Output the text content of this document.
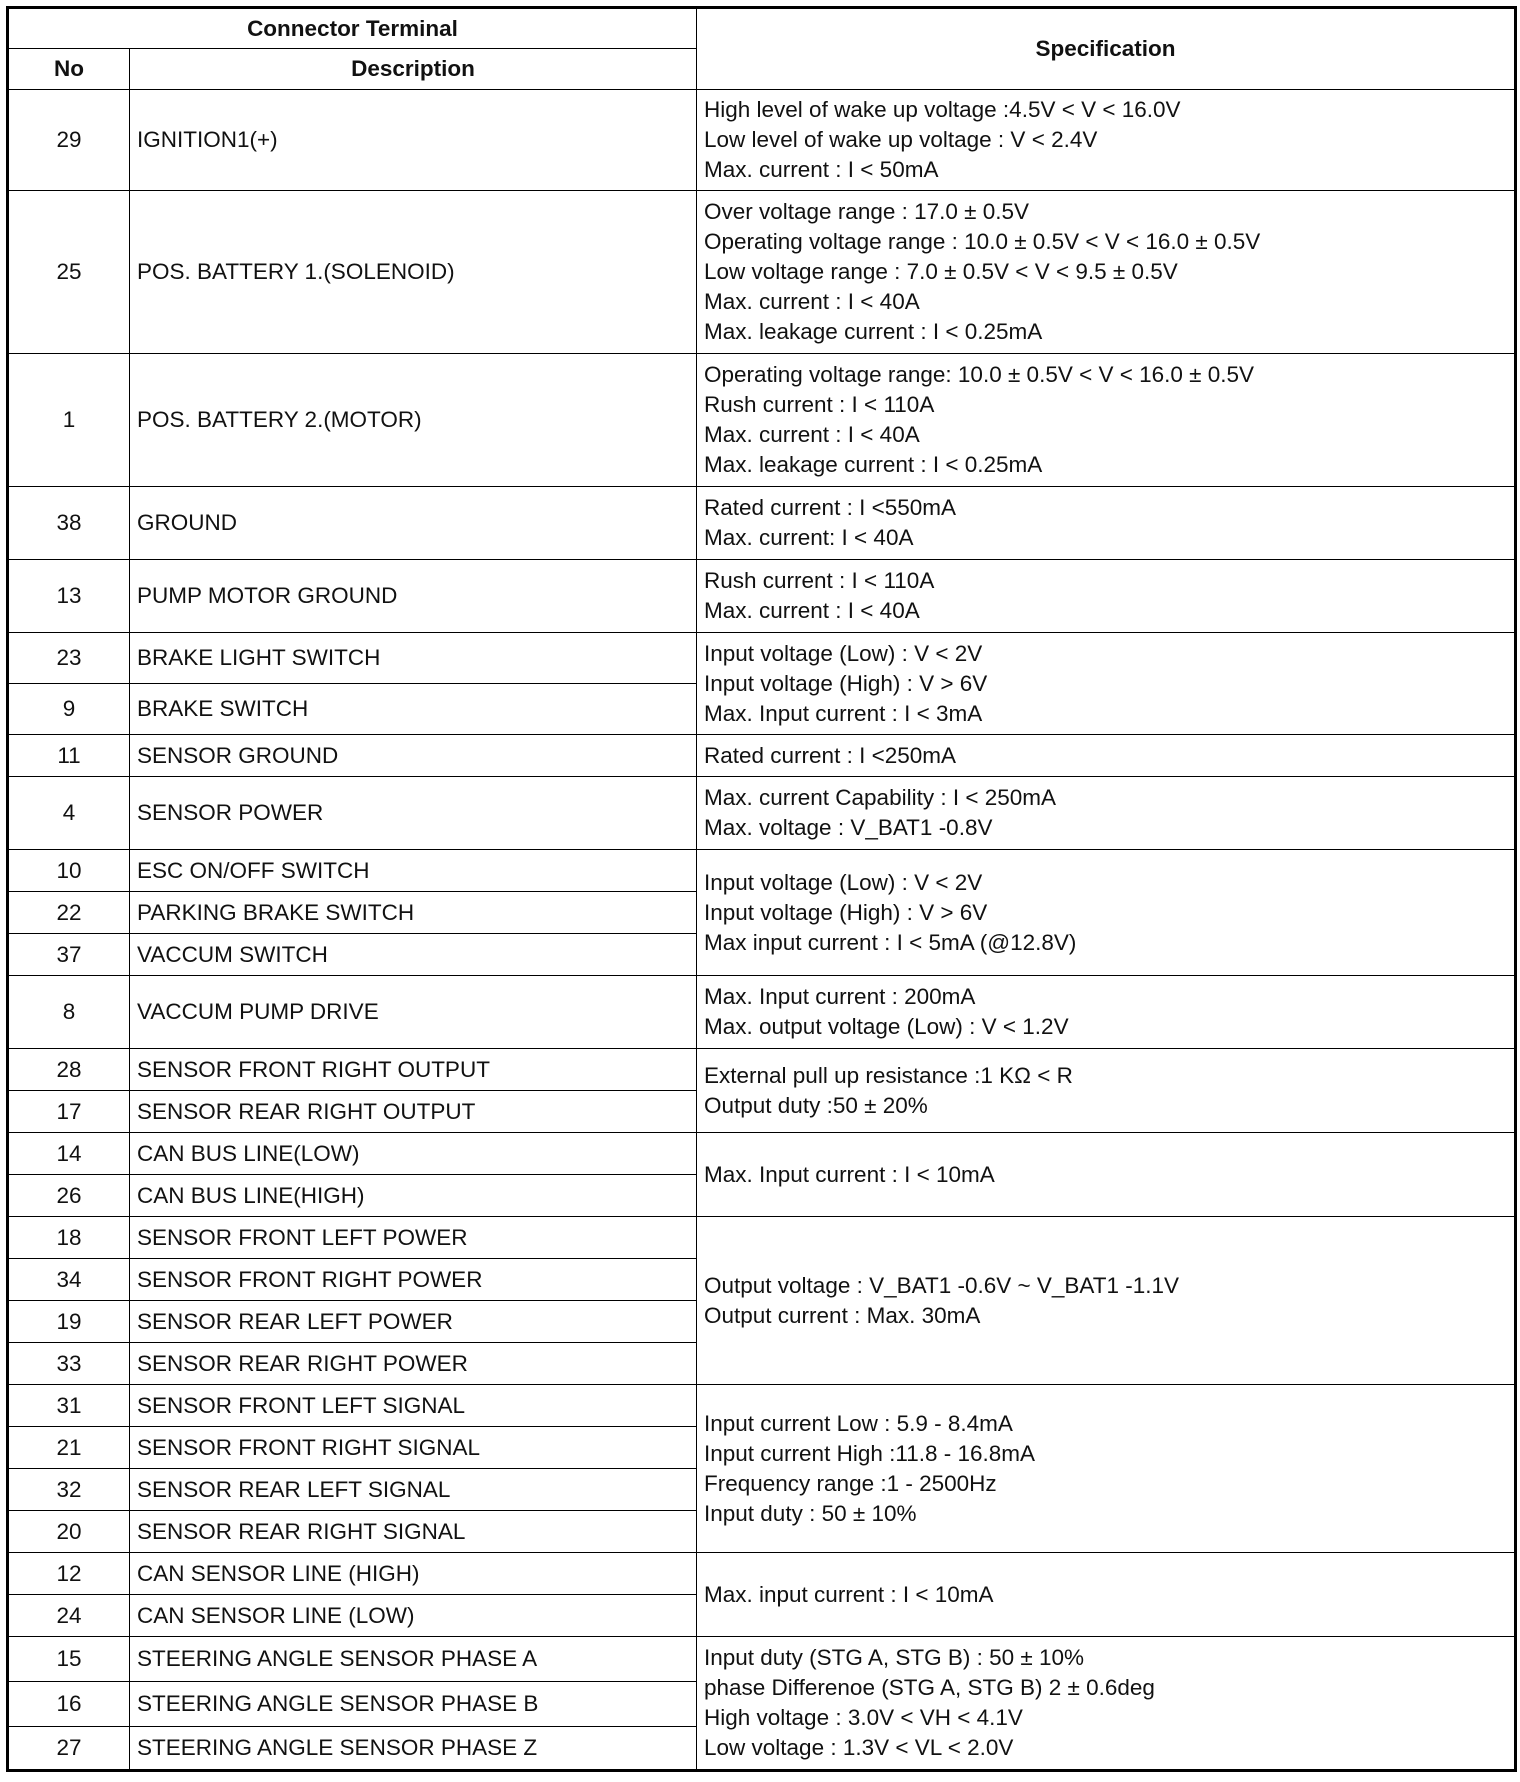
Connector Terminal		Specification
No	Description	
29	IGNITION1(+)	High level of wake up voltage :4.5V < V < 16.0V
Low level of wake up voltage : V < 2.4V
Max. current : I < 50mA

25	POS. BATTERY 1.(SOLENOID)	Over voltage range : 17.0 ± 0.5V
Operating voltage range : 10.0 ± 0.5V < V < 16.0 ± 0.5V
Low voltage range : 7.0 ± 0.5V < V < 9.5 ± 0.5V
Max. current : I < 40A
Max. leakage current : I < 0.25mA

1	POS. BATTERY 2.(MOTOR)	Operating voltage range: 10.0 ± 0.5V < V < 16.0 ± 0.5V
Rush current : I < 110A
Max. current : I < 40A
Max. leakage current : I < 0.25mA

38	GROUND	Rated current : I <550mA
Max. current: I < 40A

13	PUMP MOTOR GROUND	Rush current : I < 110A
Max. current : I < 40A

23	BRAKE LIGHT SWITCH	Input voltage (Low) : V < 2V
Input voltage (High) : V > 6V
Max. Input current : I < 3mA

9	BRAKE SWITCH	
11	SENSOR GROUND	Rated current : I <250mA

4	SENSOR POWER	Max. current Capability : I < 250mA
Max. voltage : V_BAT1 -0.8V

10	ESC ON/OFF SWITCH	Input voltage (Low) : V < 2V
Input voltage (High) : V > 6V
Max input current : I < 5mA (@12.8V)

22	PARKING BRAKE SWITCH	
37	VACCUM SWITCH	
8	VACCUM PUMP DRIVE	Max. Input current : 200mA
Max. output voltage (Low) : V < 1.2V

28	SENSOR FRONT RIGHT OUTPUT	External pull up resistance :1 KΩ < R
Output duty :50 ± 20%

17	SENSOR REAR RIGHT OUTPUT	
14	CAN BUS LINE(LOW)	Max. Input current : I < 10mA

26	CAN BUS LINE(HIGH)	
18	SENSOR FRONT LEFT POWER	Output voltage : V_BAT1 -0.6V ~ V_BAT1 -1.1V
Output current : Max. 30mA

34	SENSOR FRONT RIGHT POWER	
19	SENSOR REAR LEFT POWER	
33	SENSOR REAR RIGHT POWER	
31	SENSOR FRONT LEFT SIGNAL	Input current Low : 5.9 - 8.4mA
Input current High :11.8 - 16.8mA
Frequency range :1 - 2500Hz
Input duty : 50 ± 10%

21	SENSOR FRONT RIGHT SIGNAL	
32	SENSOR REAR LEFT SIGNAL	
20	SENSOR REAR RIGHT SIGNAL	
12	CAN SENSOR LINE (HIGH)	Max. input current : I < 10mA

24	CAN SENSOR LINE (LOW)	
15	STEERING ANGLE SENSOR PHASE A	Input duty (STG A, STG B) : 50 ± 10%
phase Differenoe (STG A, STG B) 2 ± 0.6deg
High voltage : 3.0V < VH < 4.1V
Low voltage : 1.3V < VL < 2.0V

16	STEERING ANGLE SENSOR PHASE B	
27	STEERING ANGLE SENSOR PHASE Z	
